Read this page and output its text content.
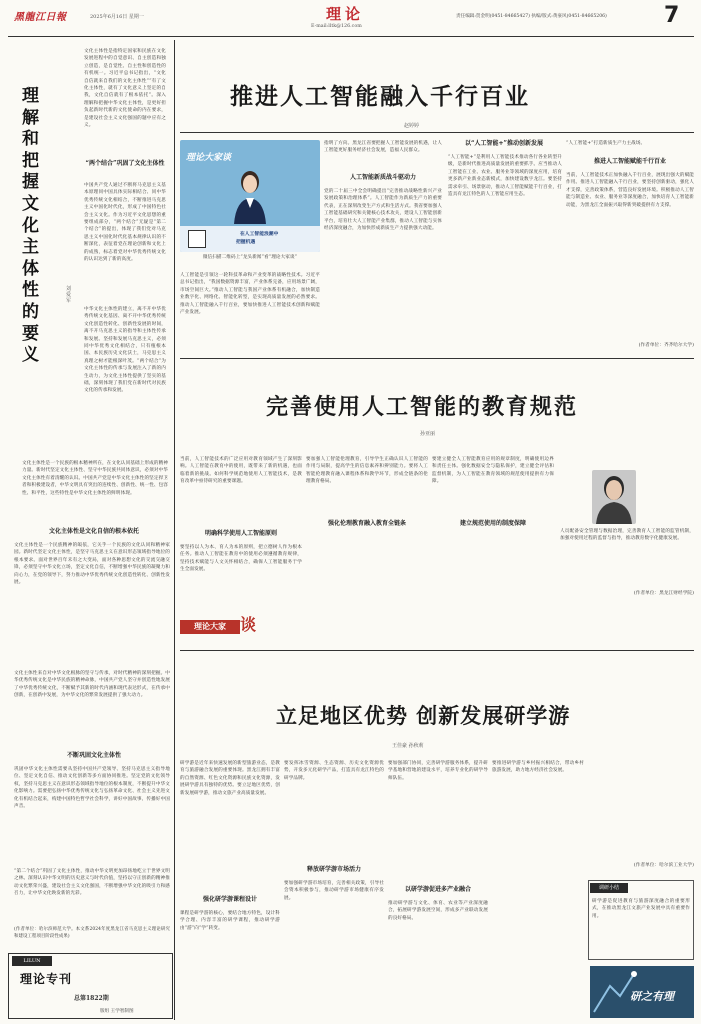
黑龍江日報	2025年6月16日 星期一	理论
E-mail:lltk@126.com
责任编辑:贺金明(0451-84665427) 执编/版式:黄豪风(0451-84665206)	7
理解和把握文化主体性的要义
刘爱军
文化主体性是指特定国家和民族在文化发展进程中的自觉意识、自主创造和独立创造，是自觉性、自主性和创造性的有机统一。习近平总书记指出，“文化自信就来自我们的文化主体性”“有了文化主体性，就有了文化意义上坚定的自我，文化自信就有了根本依托”。深入理解和把握中华文化主体性，是更好担负起新时代新的文化使命的内在要求，是建设社会主义文化强国的题中应有之义。
“两个结合”巩固了文化主体性
中国共产党人通过不断将马克思主义基本原理同中国具体实际相结合、同中华优秀传统文化相结合，不断推进马克思主义中国化时代化，形成了中国特色社会主义文化。作为习近平文化思想的重要组成部分，“两个结合”无疑是“第二个结合”的提出，体现了我们党对马克思主义中国化时代化基本规律认识的不断深化，表征着党在理论创新和文化上的成熟，标志着党对中华优秀传统文化的认识达到了新的高度。
中华文化主体性的建立，离不开中华优秀传统文化基因、离不开中华优秀传统文化创造性转化、创新性发展的时间，离不开马克思主义的指导和主体性传承和发展。坚持和发展马克思主义，必须同中华优秀文化相结合，只有植根本国、本民族历史文化沃土，马克思主义真理之树才能根深叶茂。“两个结合”为文化主体性的传承与发展注入了新的内生动力，为文化主体性提供了坚实的基础，深刻体现了我们党在新时代对民族文化的传承和发展。
文化主体性是一个民族的根本精神所在，在文化认同基础上形成的精神力量。新时代坚定文化主体性、坚守中华民族共同体意识，必须对中华文化主体性有着清醒的认识。中国共产党是中华文化主体性的坚定捍卫者和积极建设者，中华文明具有突出的连续性、创新性、统一性、包容性、和平性，这些特性是中华文化主体性的鲜明体现。
文化主体性是文化自信的根本依托
文化主体性是一个民族精神的皈依，它关乎一个民族的文化认同和精神家园。新时代坚定文化主体性，是坚守马克思主义在意识形态领域指导地位的根本要求。面对世界百年未有之大变局，面对各种思想文化的交流交融交锋，必须坚守中华文化立场，坚定文化自信，不断增强中华民族的凝聚力和向心力，在党的领导下，努力推动中华优秀传统文化创造性转化、创新性发展。
文化主体性来自对中华文化根脉的坚守与传承，对时代精神的深刻把握。中华优秀传统文化是中华民族的精神命脉，中国共产党人坚守并创造性地发展了中华优秀传统文化，不断赋予其新的时代内涵和现代表达形式，在传承中创新，在创新中发展，为中华文化的繁荣发展提供了强大动力。
不断巩固文化主体性
巩固中华文化主体性需要从坚持中国共产党领导、坚持马克思主义指导地位、坚定文化自信、推动文化创新等多方面协同推进。坚定党的文化领导权，坚持马克思主义在意识形态领域指导地位的根本制度，不断提升中华文化影响力。需要把弘扬中华优秀传统文化与弘扬革命文化、社会主义先进文化有机结合起来，构建中国特色哲学社会科学，讲好中国故事、传播好中国声音。
“第二个结合”巩固了文化主体性，推动中华文明更加昂扬地屹立于世界文明之林。深刻认识中华文明的历史意义与时代价值，坚持以守正创新的精神推动文化繁荣兴盛，建设社会主义文化强国，不断增强中华文化的吸引力和感召力，让中华文化焕发新的光彩。
(作者单位：哈尔滨师范大学。本文系2024年度黑龙江省马克思主义理论研究和建设工程项目阶段性成果)
LILUN
理论专刊
总第1822期
版组 王学智制图
推进人工智能融入千行百业
赵婷婷
理论大家谈
在人工智能浪潮中
把握机遇
微信扫描二维码上“龙头新闻”看“理论大家谈”
人工智能是引领这一轮科技革命和产业变革的战略性技术。习近平总书记指出，“我国数据资源丰富，产业体系完备，应用场景广阔，市场空间巨大。”推动人工智能与我国产业体系有机融合，加快制造业数字化、网络化、智能化转型，是实现高质量发展的必然要求。推动人工智能融入千行百业，要加快推进人工智能技术创新和赋能产业发展。
指明了方向。黑龙江省要把握人工智能发展的机遇，让人工智能更好服务经济社会发展，造福人民群众。
人工智能新质战斗驱动力
党的二十届三中全会明确提出“完善推动战略性新兴产业发展政策和治理体系”。人工智能作为新质生产力的重要代表，正在深刻改变生产方式和生活方式。我省要加强人工智能基础研究和关键核心技术攻关，建设人工智能创新平台，培育壮大人工智能产业集群，推动人工智能与实体经济深度融合，为加快形成新质生产力提供强大动能。
以“人工智能+”推动创新发展
“人工智能+”是利用人工智能技术推动各行各业转型升级，是新时代推进高质量发展的重要抓手。应当推动人工智能在工业、农业、服务业等领域的深度应用，培育更多新产业新业态新模式，加快建设数字龙江。要坚持需求牵引、场景驱动，推动人工智能赋能千行百业，打造具有龙江特色的人工智能应用生态。
“人工智能+”打造新质生产力主战场。
推进人工智能赋能千行百业
当前，人工智能技术正加快融入千行百业，展现出强大的赋能作用。推进人工智能融入千行百业，要坚持创新驱动，强化人才支撑，完善政策体系，营造良好发展环境。积极推动人工智能与制造业、农业、服务业等深度融合，加快培育人工智能新动能，为黑龙江全面振兴取得新突破提供有力支撑。
(作者单位：齐齐哈尔大学)
完善使用人工智能的教育规范
孙亚丽
当前，人工智能技术的广泛应用对教育领域产生了深刻影响。人工智能在教育中的使用，既带来了新的机遇，也面临着新的挑战。如何科学规范地使用人工智能技术，是教育改革中亟待研究的重要课题。
明确科学使用人工智能原则
要坚持以人为本、育人为本的原则，把立德树人作为根本任务。推动人工智能在教育中的使用必须遵循教育规律，坚持技术赋能与人文关怀相结合，确保人工智能服务于学生全面发展。
理论大家 谈
强化伦理教育融入教育全链条
要加强人工智能伦理教育，引导学生正确认识人工智能的作用与局限，提高学生的信息素养和辨别能力。要将人工智能伦理教育融入课程体系和教学环节，形成全链条的伦理教育格局。
建立规范使用的制度保障
要建立健全人工智能教育应用的规章制度，明确使用边界和责任主体。强化数据安全与隐私保护，建立健全评估和监督机制，为人工智能在教育领域的规范使用提供有力保障。
人员配备安全管理与数据治理，完善教育人工智能的监管机制，加强对使用过程的监督与指导，推动教育数字化健康发展。
(作者单位：黑龙江财经学院)
立足地区优势 创新发展研学游
王佳豪 孙秋莉
研学游是近年来快速发展的新型旅游业态，是教育与旅游融合发展的重要体现。黑龙江拥有丰富的自然资源、红色文化资源和民族文化资源，发展研学游具有独特的优势。要立足地区优势，创新发展研学游，推动文旅产业高质量发展。
强化研学游课程设计
课程是研学游的核心，要结合地方特色，设计科学合理、内容丰富的研学课程，推动研学游由“游”向“学”转变。
要发挥冰雪资源、生态资源、历史文化资源优势，开发多元化研学产品，打造具有龙江特色的研学品牌。
释放研学游市场活力
要加强研学游市场培育，完善相关政策，引导社会资本积极参与，推动研学游市场健康有序发展。
要加强部门协同，完善研学游服务体系，提升研学基地和营地的建设水平，培养专业化的研学导师队伍。
以研学游促进多产业融合
推动研学游与文化、体育、农业等产业深度融合，拓展研学游发展空间，形成多产业联动发展的良好格局。
要推进研学游与乡村振兴相结合，带动乡村旅游发展，助力地方经济社会发展。
(作者单位：哈尔滨工业大学)
调研小结
研学游是促进教育与旅游深度融合的重要形式，在推动黑龙江文旅产业发展中具有重要作用。
研之有理
